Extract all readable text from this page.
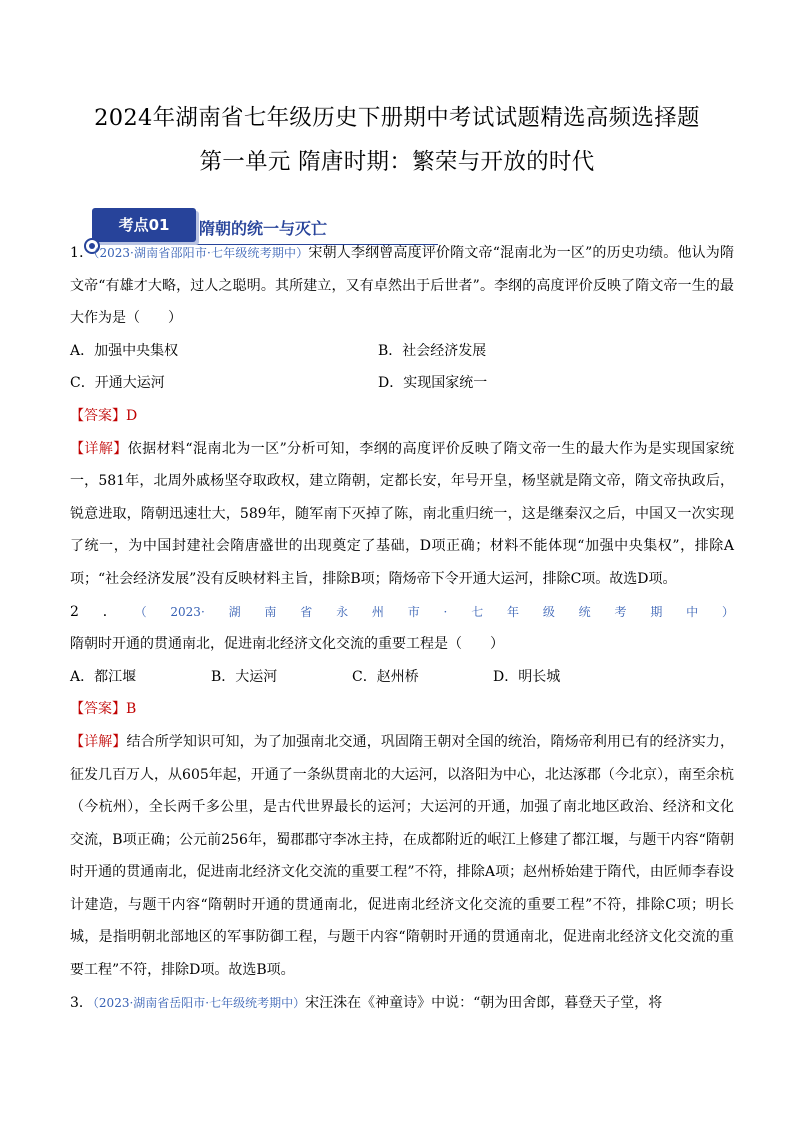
2024年湖南省七年级历史下册期中考试试题精选高频选择题
第一单元 隋唐时期：繁荣与开放的时代
考点01	隋朝的统一与灭亡

1．（2023·湖南省邵阳市·七年级统考期中）宋朝人李纲曾高度评价隋文帝“混南北为一区”的历史功绩。他认为隋文帝“有雄才大略，过人之聪明。其所建立，又有卓然出于后世者”。李纲的高度评价反映了隋文帝一生的最大作为是（　　）

A．加强中央集权	B．社会经济发展
C．开通大运河	D．实现国家统一

【答案】D

【详解】依据材料“混南北为一区”分析可知，李纲的高度评价反映了隋文帝一生的最大作为是实现国家统一，581年，北周外戚杨坚夺取政权，建立隋朝，定都长安，年号开皇，杨坚就是隋文帝，隋文帝执政后，锐意进取，隋朝迅速壮大，589年，随军南下灭掉了陈，南北重归统一，这是继秦汉之后，中国又一次实现了统一，为中国封建社会隋唐盛世的出现奠定了基础，D项正确；材料不能体现“加强中央集权”，排除A项；“社会经济发展”没有反映材料主旨，排除B项；隋炀帝下令开通大运河，排除C项。故选D项。

2．（2023·湖南省永州市·七年级统考期中）隋朝时开通的贯通南北，促进南北经济文化交流的重要工程是（　　）

A．都江堰	B．大运河	C．赵州桥	D．明长城

【答案】B

【详解】结合所学知识可知，为了加强南北交通，巩固隋王朝对全国的统治，隋炀帝利用已有的经济实力，征发几百万人，从605年起，开通了一条纵贯南北的大运河，以洛阳为中心，北达涿郡（今北京），南至余杭（今杭州），全长两千多公里，是古代世界最长的运河；大运河的开通，加强了南北地区政治、经济和文化交流，B项正确；公元前256年，蜀郡郡守李冰主持，在成都附近的岷江上修建了都江堰，与题干内容“隋朝时开通的贯通南北，促进南北经济文化交流的重要工程”不符，排除A项；赵州桥始建于隋代，由匠师李春设计建造，与题干内容“隋朝时开通的贯通南北，促进南北经济文化交流的重要工程”不符，排除C项；明长城，是指明朝北部地区的军事防御工程，与题干内容“隋朝时开通的贯通南北，促进南北经济文化交流的重要工程”不符，排除D项。故选B项。

3．（2023·湖南省岳阳市·七年级统考期中）宋汪洙在《神童诗》中说：“朝为田舍郎，暮登天子堂，将
